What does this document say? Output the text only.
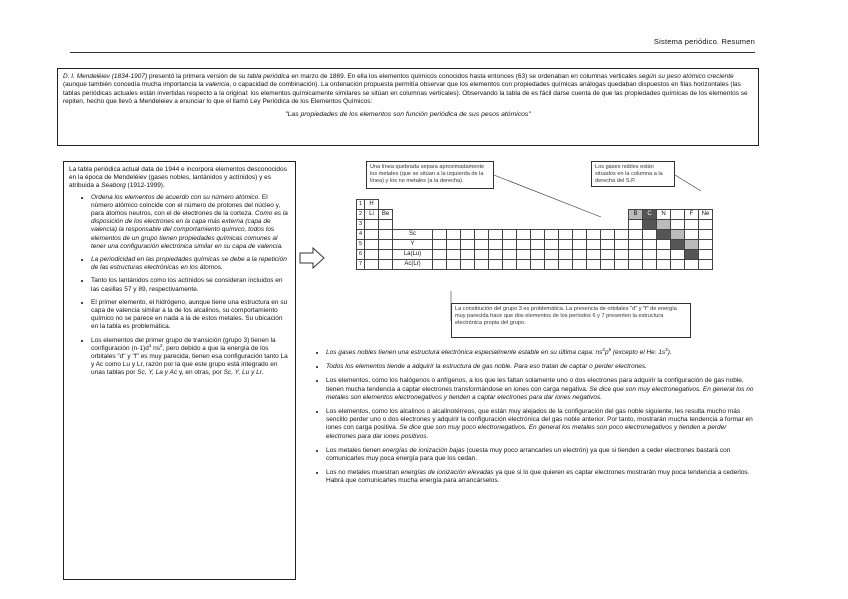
Sistema periódico. Resumen

D. I. Mendeléiev (1834-1907) presentó la primera versión de su tabla periódica en marzo de 1869. En ella los elementos químicos conocidos hasta entonces (63) se ordenaban en columnas verticales según su peso atómico creciente (aunque también concedía mucha importancia la valencia, o capacidad de combinación). La ordenación propuesta permitía observar que los elementos con propiedades químicas análogas quedaban dispuestos en filas horizontales (las tablas periódicas actuales están invertidas respecto a la original: los elementos químicamente similares se sitúan en columnas verticales). Observando la tabla de es fácil darse cuenta de que las propiedades químicas de los elementos se repiten, hecho que llevó a Mendeleiev a enunciar lo que el llamó Ley Periódica de los Elementos Químicos:

"Las propiedades de los elementos son función periódica de sus pesos atómicos"

La tabla periódica actual data de 1944 e incorpora elementos desconocidos en la época de Mendeléiev (gases nobles, lantánidos y actínidos) y es atribuida a Seaborg (1912-1999).

• Ordena los elementos de acuerdo con su número atómico. El número atómico coincide con el número de protones del núcleo y, para átomos neutros, con el de electrones de la corteza. Como es la disposición de los electrones en la capa más externa (capa de valencia) la responsable del comportamiento químico, todos los elementos de un grupo tienen propiedades químicas comunes al tener una configuración electrónica similar en su capa de valencia.
• La periodicidad en las propiedades químicas se debe a la repetición de las estructuras electrónicas en los átomos.
• Tanto los lantánidos como los actínidos se consideran incluidos en las casillas 57 y 89, respectivamente.
• El primer elemento, el hidrógeno, aunque tiene una estructura en su capa de valencia similar a la de los alcalinos, su comportamiento químico no se parece en nada a la de estos metales. Su ubicación en la tabla es problemática.
• Los elementos del primer grupo de transición (grupo 3) tienen la configuración $(n-1)d^1$ $ns^2$, pero debido a que la energía de los orbitales "d" y "f" es muy parecida, tienen esa configuración tanto La y Ac como Lu y Lr, razón por la que este grupo está integrado en unas tablas por Sc, Y, La y Ac y, en otras, por Sc, Y, Lu y Lr.
Una línea quebrada separa aproximadamente los metales (que se sitúan a la izquierda de la línea) y los no metales (a la derecha).
Los gases nobles están situados en la columna a la derecha del S.P.
1	H																						
2	Li	Be																B	C	N		F	Ne
3																							
4			Sc																				
5			Y																				
6			La(Lu)																				
7			Ac(Lr)																				
La constitución del grupo 3 es problemática. La presencia de orbitales "d" y "f" de energía muy parecida hace que dos elementos de los períodos 6 y 7 presenten la estructura electrónica propia del grupo.
• Los gases nobles tienen una estructura electrónica especialmente estable en su última capa: $ns^2p^6$ (excepto el He: $1s^2$).
• Todos los elementos tiende a adquirir la estructura de gas noble. Para eso tratan de captar o perder electrones.
• Los elementos, como los halógenos o anfígenos, a los que les faltan solamente uno o dos electrones para adquirir la configuración de gas noble, tienen mucha tendencia a captar electrones transformándose en iones con carga negativa. Se dice que son muy electronegativos. En general los no metales son elementos electronegativos y tienden a captar electrones para dar iones negativos.
• Los elementos, como los alcalinos o alcalinotérreos, que están muy alejados de la configuración del gas noble siguiente, les resulta mucho más sencillo perder uno o dos electrones y adquirir la configuración electrónica del gas noble anterior. Por tanto, mostrarán mucha tendencia a formar en iones con carga positiva. Se dice que son muy poco electronegativos. En general los metales son poco electronegativos y tienden a perder electrones para dar iones positivos.
• Los metales tienen energías de ionización bajas (cuesta muy poco arrancarles un electrón) ya que si tienden a ceder electrones bastará con comunicarles muy poca energía para que los cedan.
• Los no metales muestran energías de ionización elevadas ya que si lo que quieren es captar electrones mostrarán muy poca tendencia a cederlos. Habrá que comunicarles mucha energía para arrancárselos.
